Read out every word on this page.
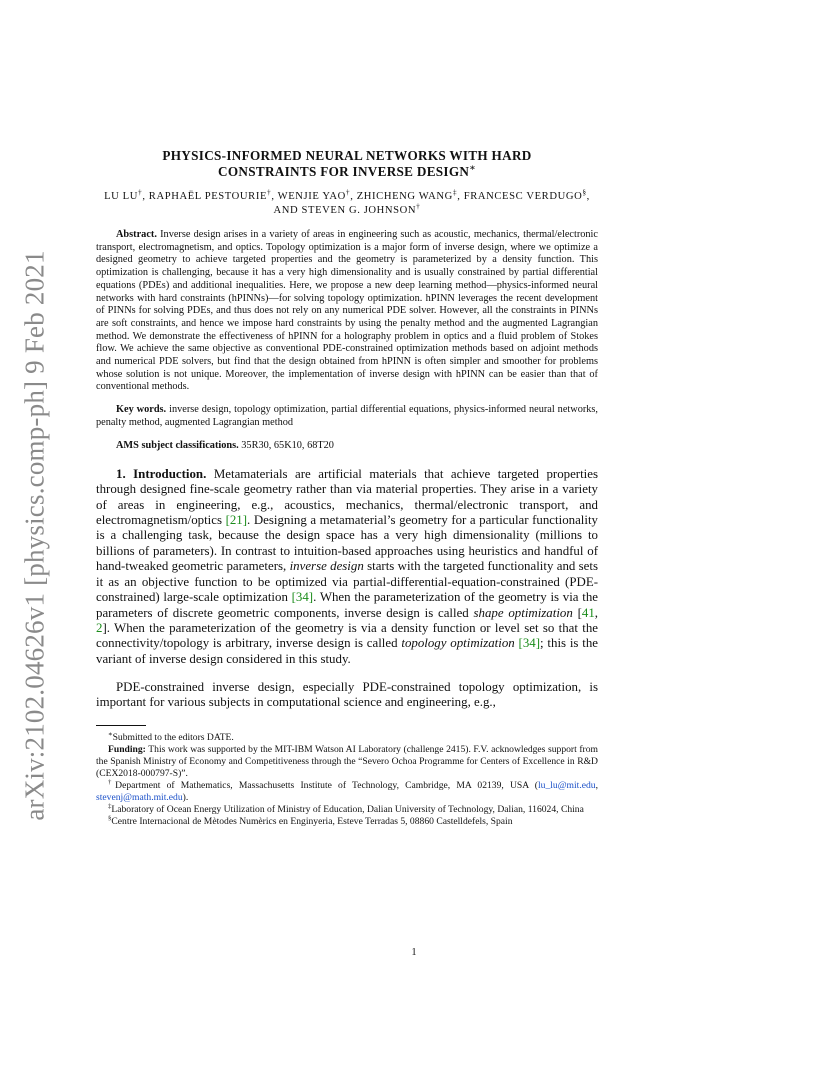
arXiv:2102.04626v1 [physics.comp-ph] 9 Feb 2021

PHYSICS-INFORMED NEURAL NETWORKS WITH HARD
CONSTRAINTS FOR INVERSE DESIGN∗

LU LU†, RAPHAËL PESTOURIE†, WENJIE YAO†, ZHICHENG WANG‡, FRANCESC VERDUGO§, AND STEVEN G. JOHNSON†

Abstract. Inverse design arises in a variety of areas in engineering such as acoustic, mechanics, thermal/electronic transport, electromagnetism, and optics. Topology optimization is a major form of inverse design, where we optimize a designed geometry to achieve targeted properties and the geometry is parameterized by a density function. This optimization is challenging, because it has a very high dimensionality and is usually constrained by partial differential equations (PDEs) and additional inequalities. Here, we propose a new deep learning method—physics-informed neural networks with hard constraints (hPINNs)—for solving topology optimization. hPINN leverages the recent development of PINNs for solving PDEs, and thus does not rely on any numerical PDE solver. However, all the constraints in PINNs are soft constraints, and hence we impose hard constraints by using the penalty method and the augmented Lagrangian method. We demonstrate the effectiveness of hPINN for a holography problem in optics and a fluid problem of Stokes flow. We achieve the same objective as conventional PDE-constrained optimization methods based on adjoint methods and numerical PDE solvers, but find that the design obtained from hPINN is often simpler and smoother for problems whose solution is not unique. Moreover, the implementation of inverse design with hPINN can be easier than that of conventional methods.

Key words. inverse design, topology optimization, partial differential equations, physics-informed neural networks, penalty method, augmented Lagrangian method

AMS subject classifications. 35R30, 65K10, 68T20

1. Introduction. Metamaterials are artificial materials that achieve targeted properties through designed fine-scale geometry rather than via material properties. They arise in a variety of areas in engineering, e.g., acoustics, mechanics, thermal/electronic transport, and electromagnetism/optics [21]. Designing a metamaterial’s geometry for a particular functionality is a challenging task, because the design space has a very high dimensionality (millions to billions of parameters). In contrast to intuition-based approaches using heuristics and handful of hand-tweaked geometric parameters, inverse design starts with the targeted functionality and sets it as an objective function to be optimized via partial-differential-equation-constrained (PDE-constrained) large-scale optimization [34]. When the parameterization of the geometry is via the parameters of discrete geometric components, inverse design is called shape optimization [41, 2]. When the parameterization of the geometry is via a density function or level set so that the connectivity/topology is arbitrary, inverse design is called topology optimization [34]; this is the variant of inverse design considered in this study.

PDE-constrained inverse design, especially PDE-constrained topology optimization, is important for various subjects in computational science and engineering, e.g.,

∗Submitted to the editors DATE.

Funding: This work was supported by the MIT-IBM Watson AI Laboratory (challenge 2415). F.V. acknowledges support from the Spanish Ministry of Economy and Competitiveness through the “Severo Ochoa Programme for Centers of Excellence in R&D (CEX2018-000797-S)”.

†Department of Mathematics, Massachusetts Institute of Technology, Cambridge, MA 02139, USA (lu_lu@mit.edu, stevenj@math.mit.edu).

‡Laboratory of Ocean Energy Utilization of Ministry of Education, Dalian University of Technology, Dalian, 116024, China

§Centre Internacional de Mètodes Numèrics en Enginyeria, Esteve Terradas 5, 08860 Castelldefels, Spain

1
